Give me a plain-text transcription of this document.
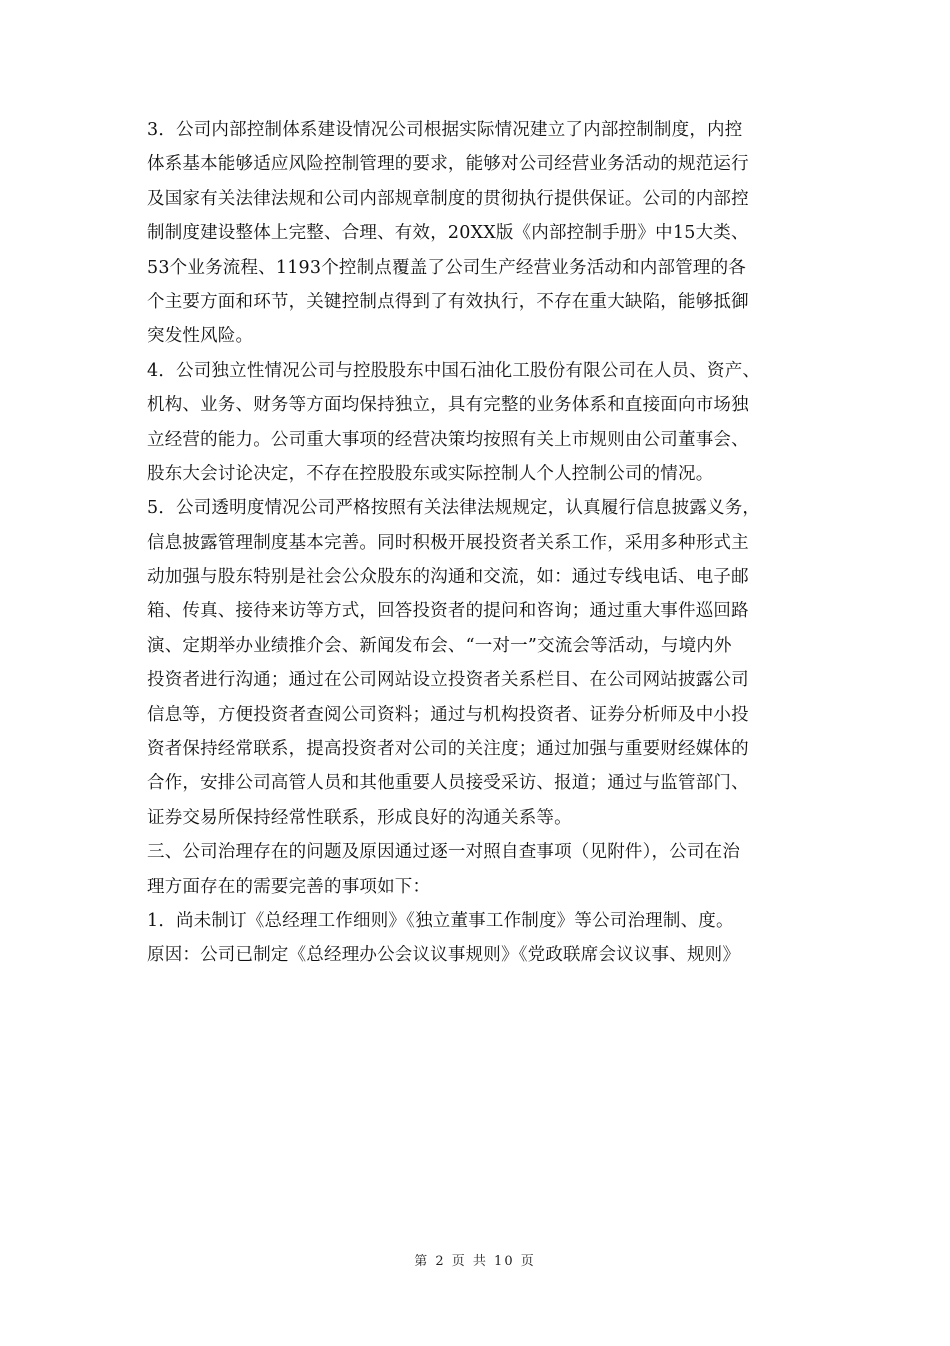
3．公司内部控制体系建设情况公司根据实际情况建立了内部控制制度，内控
体系基本能够适应风险控制管理的要求，能够对公司经营业务活动的规范运行
及国家有关法律法规和公司内部规章制度的贯彻执行提供保证。公司的内部控
制制度建设整体上完整、合理、有效，20XX版《内部控制手册》中15大类、
53个业务流程、1193个控制点覆盖了公司生产经营业务活动和内部管理的各
个主要方面和环节，关键控制点得到了有效执行，不存在重大缺陷，能够抵御
突发性风险。
4．公司独立性情况公司与控股股东中国石油化工股份有限公司在人员、资产、
机构、业务、财务等方面均保持独立，具有完整的业务体系和直接面向市场独
立经营的能力。公司重大事项的经营决策均按照有关上市规则由公司董事会、
股东大会讨论决定，不存在控股股东或实际控制人个人控制公司的情况。
5．公司透明度情况公司严格按照有关法律法规规定，认真履行信息披露义务，
信息披露管理制度基本完善。同时积极开展投资者关系工作，采用多种形式主
动加强与股东特别是社会公众股东的沟通和交流，如：通过专线电话、电子邮
箱、传真、接待来访等方式，回答投资者的提问和咨询；通过重大事件巡回路
演、定期举办业绩推介会、新闻发布会、“一对一”交流会等活动，与境内外
投资者进行沟通；通过在公司网站设立投资者关系栏目、在公司网站披露公司
信息等，方便投资者查阅公司资料；通过与机构投资者、证券分析师及中小投
资者保持经常联系，提高投资者对公司的关注度；通过加强与重要财经媒体的
合作，安排公司高管人员和其他重要人员接受采访、报道；通过与监管部门、
证券交易所保持经常性联系，形成良好的沟通关系等。
三、公司治理存在的问题及原因通过逐一对照自查事项（见附件），公司在治
理方面存在的需要完善的事项如下：
1．尚未制订《总经理工作细则》《独立董事工作制度》等公司治理制、度。
原因：公司已制定《总经理办公会议议事规则》《党政联席会议议事、规则》
第 2 页 共 10 页
